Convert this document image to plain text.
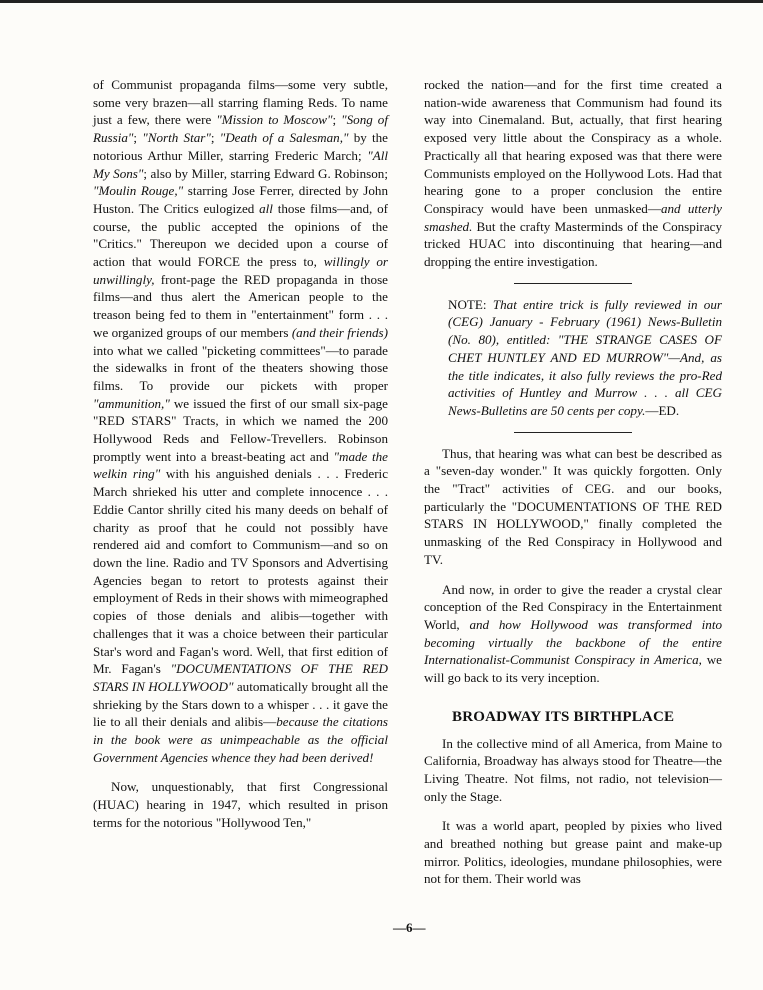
of Communist propaganda films—some very subtle, some very brazen—all starring flaming Reds. To name just a few, there were "Mission to Moscow"; "Song of Russia"; "North Star"; "Death of a Salesman," by the notorious Arthur Miller, starring Frederic March; "All My Sons"; also by Miller, starring Edward G. Robinson; "Moulin Rouge," starring Jose Ferrer, directed by John Huston. The Critics eulogized all those films—and, of course, the public accepted the opinions of the "Critics." Thereupon we decided upon a course of action that would FORCE the press to, willingly or unwillingly, front-page the RED propaganda in those films—and thus alert the American people to the treason being fed to them in "entertainment" form . . . we organized groups of our members (and their friends) into what we called "picketing committees"—to parade the sidewalks in front of the theaters showing those films. To provide our pickets with proper "ammunition," we issued the first of our small six-page "RED STARS" Tracts, in which we named the 200 Hollywood Reds and Fellow-Trevellers. Robinson promptly went into a breast-beating act and "made the welkin ring" with his anguished denials . . . Frederic March shrieked his utter and complete innocence . . . Eddie Cantor shrilly cited his many deeds on behalf of charity as proof that he could not possibly have rendered aid and comfort to Communism—and so on down the line. Radio and TV Sponsors and Advertising Agencies began to retort to protests against their employment of Reds in their shows with mimeographed copies of those denials and alibis—together with challenges that it was a choice between their particular Star's word and Fagan's word. Well, that first edition of Mr. Fagan's "DOCUMENTATIONS OF THE RED STARS IN HOLLYWOOD" automatically brought all the shrieking by the Stars down to a whisper . . . it gave the lie to all their denials and alibis—because the citations in the book were as unimpeachable as the official Government Agencies whence they had been derived!

Now, unquestionably, that first Congressional (HUAC) hearing in 1947, which resulted in prison terms for the notorious "Hollywood Ten,"

rocked the nation—and for the first time created a nation-wide awareness that Communism had found its way into Cinemaland. But, actually, that first hearing exposed very little about the Conspiracy as a whole. Practically all that hearing exposed was that there were Communists employed on the Hollywood Lots. Had that hearing gone to a proper conclusion the entire Conspiracy would have been unmasked—and utterly smashed. But the crafty Masterminds of the Conspiracy tricked HUAC into discontinuing that hearing—and dropping the entire investigation.

NOTE: That entire trick is fully reviewed in our (CEG) January - February (1961) News-Bulletin (No. 80), entitled: "THE STRANGE CASES OF CHET HUNTLEY AND ED MURROW"—And, as the title indicates, it also fully reviews the pro-Red activities of Huntley and Murrow . . . all CEG News-Bulletins are 50 cents per copy.—ED.

Thus, that hearing was what can best be described as a "seven-day wonder." It was quickly forgotten. Only the "Tract" activities of CEG. and our books, particularly the "DOCUMENTATIONS OF THE RED STARS IN HOLLYWOOD," finally completed the unmasking of the Red Conspiracy in Hollywood and TV.

And now, in order to give the reader a crystal clear conception of the Red Conspiracy in the Entertainment World, and how Hollywood was transformed into becoming virtually the backbone of the entire Internationalist-Communist Conspiracy in America, we will go back to its very inception.

BROADWAY ITS BIRTHPLACE

In the collective mind of all America, from Maine to California, Broadway has always stood for Theatre—the Living Theatre. Not films, not radio, not television—only the Stage.

It was a world apart, peopled by pixies who lived and breathed nothing but grease paint and make-up mirror. Politics, ideologies, mundane philosophies, were not for them. Their world was

—6—
